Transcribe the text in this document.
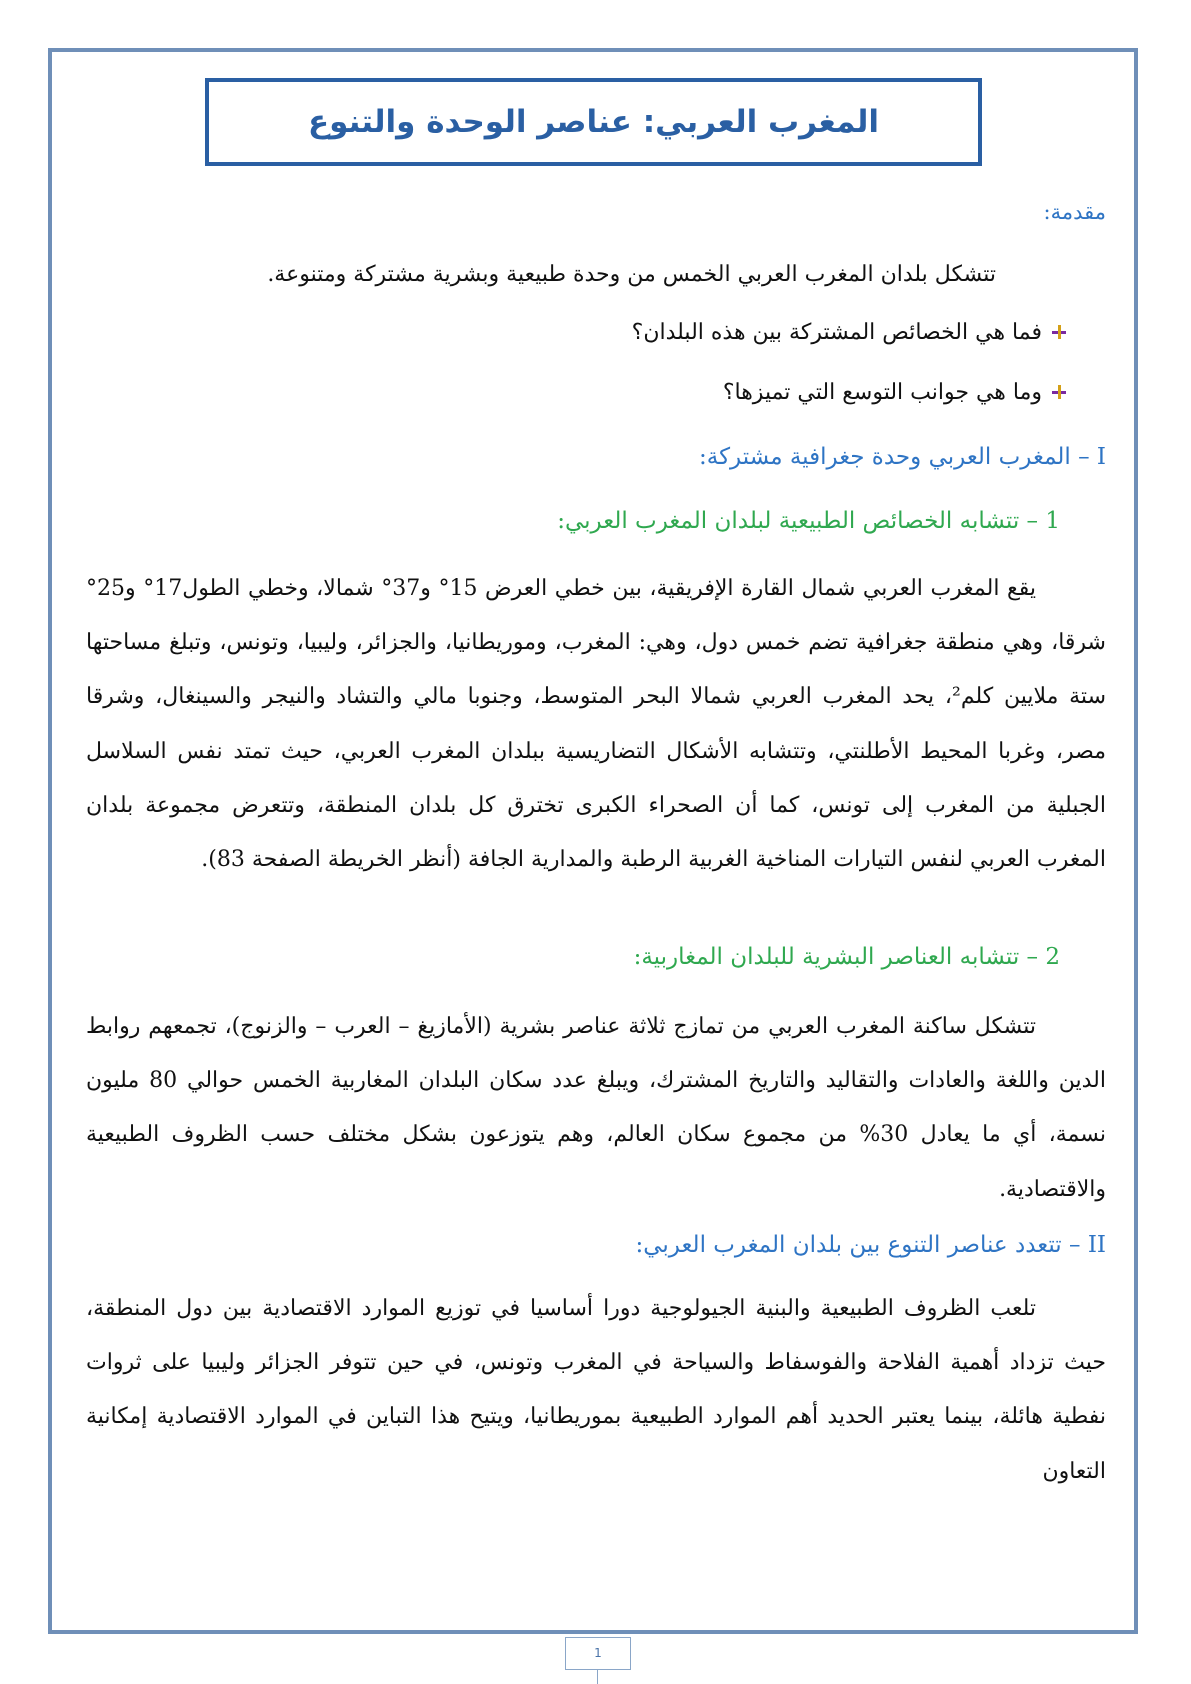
المغرب العربي: عناصر الوحدة والتنوع
مقدمة:
تتشكل بلدان المغرب العربي الخمس من وحدة طبيعية وبشرية مشتركة ومتنوعة.
فما هي الخصائص المشتركة بين هذه البلدان؟
وما هي جوانب التوسع التي تميزها؟
I – المغرب العربي وحدة جغرافية مشتركة:
1 – تتشابه الخصائص الطبيعية لبلدان المغرب العربي:

يقع المغرب العربي شمال القارة الإفريقية، بين خطي العرض 15° و37° شمالا، وخطي الطول17° و25° شرقا، وهي منطقة جغرافية تضم خمس دول، وهي: المغرب، وموريطانيا، والجزائر، وليبيا، وتونس، وتبلغ مساحتها ستة ملايين كلم²، يحد المغرب العربي شمالا البحر المتوسط، وجنوبا مالي والتشاد والنيجر والسينغال، وشرقا مصر، وغربا المحيط الأطلنتي، وتتشابه الأشكال التضاريسية ببلدان المغرب العربي، حيث تمتد نفس السلاسل الجبلية من المغرب إلى تونس، كما أن الصحراء الكبرى تخترق كل بلدان المنطقة، وتتعرض مجموعة بلدان المغرب العربي لنفس التيارات المناخية الغربية الرطبة والمدارية الجافة (أنظر الخريطة الصفحة 83).

2 – تتشابه العناصر البشرية للبلدان المغاربية:

تتشكل ساكنة المغرب العربي من تمازج ثلاثة عناصر بشرية (الأمازيغ – العرب – والزنوج)، تجمعهم روابط الدين واللغة والعادات والتقاليد والتاريخ المشترك، ويبلغ عدد سكان البلدان المغاربية الخمس حوالي 80 مليون نسمة، أي ما يعادل 30% من مجموع سكان العالم، وهم يتوزعون بشكل مختلف حسب الظروف الطبيعية والاقتصادية.

II – تتعدد عناصر التنوع بين بلدان المغرب العربي:

تلعب الظروف الطبيعية والبنية الجيولوجية دورا أساسيا في توزيع الموارد الاقتصادية بين دول المنطقة، حيث تزداد أهمية الفلاحة والفوسفاط والسياحة في المغرب وتونس، في حين تتوفر الجزائر وليبيا على ثروات نفطية هائلة، بينما يعتبر الحديد أهم الموارد الطبيعية بموريطانيا، ويتيح هذا التباين في الموارد الاقتصادية إمكانية التعاون

1
